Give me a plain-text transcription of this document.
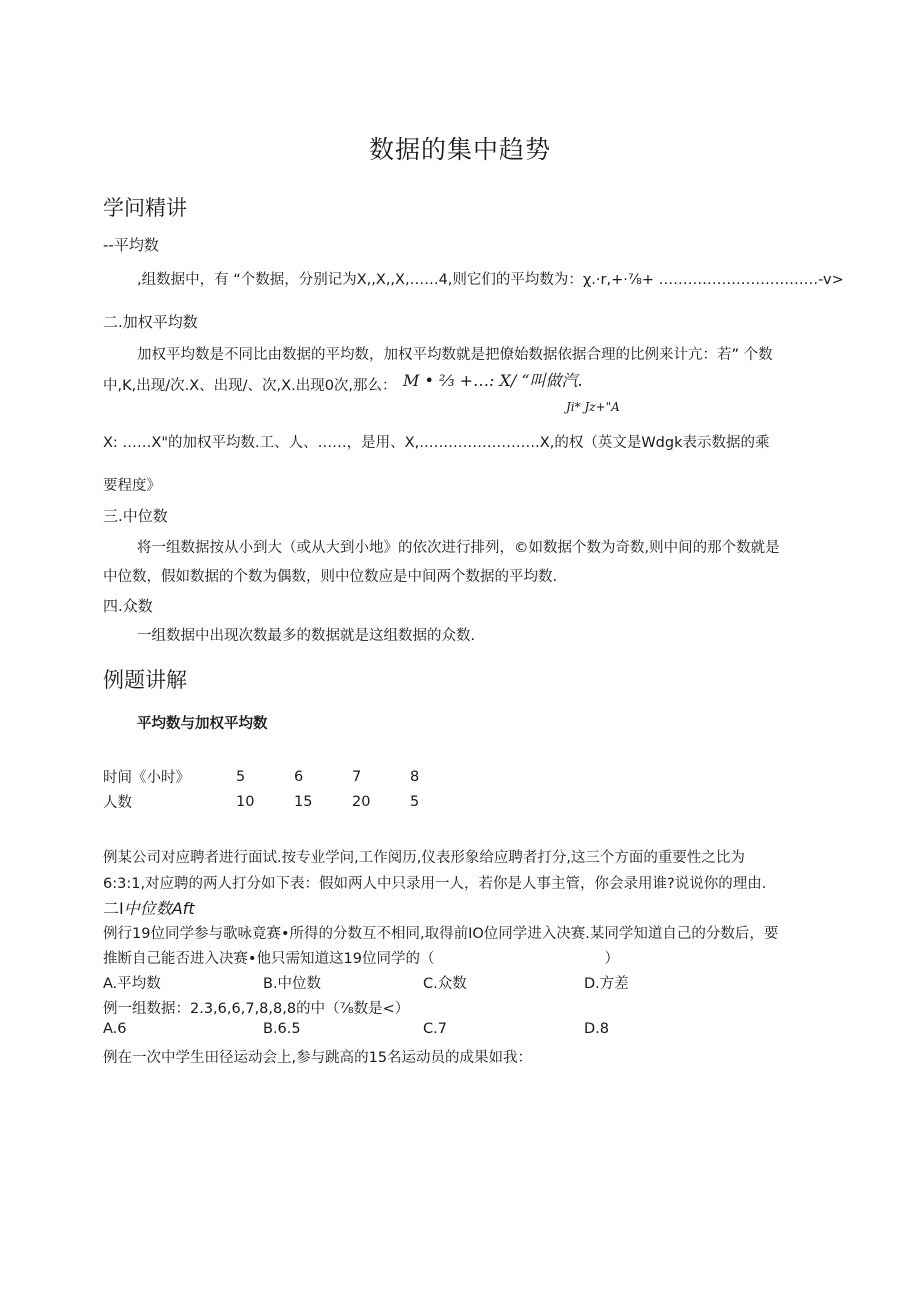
数据的集中趋势
学问精讲
--平均数
,组数据中，有 “个数据，分别记为X,,X,,X,……4,则它们的平均数为：χ.·r,+·⅞+ ……………………………-v>
二.加权平均数
加权平均数是不同比由数据的平均数，加权平均数就是把僚始数据依据合理的比例来计亢：若” 个数
中,K,出现/次.X、出现/、次,X.出现0次,那么： M • ⅔ +…: X/ “叫做汽.
Ji* Jz+"A
X: ……X"的加权平均数.工、人、……，是用、X,…………………….X,的权（英文是Wdgk表示数据的乘
要程度》
三.中位数
将一组数据按从小到大（或从大到小地》的依次进行排列，©如数据个数为奇数,则中间的那个数就是
中位数，假如数据的个数为偶数，则中位数应是中间两个数据的平均数.
四.众数
一组数据中出现次数最多的数据就是这组数据的众数.
例题讲解
平均数与加权平均数
时间《小时》	5	6	7	8
人数	10	15	20	5
例某公司对应聘者进行面试.按专业学问,工作阅历,仪表形象给应聘者打分,这三个方面的重要性之比为
6:3:1,对应聘的两人打分如下表：假如两人中只录用一人，若你是人事主管，你会录用谁?说说你的理由.
二I中位数Aft
例行19位同学参与歌咏竟赛•所得的分数互不相同,取得前IO位同学进入决赛.某同学知道自己的分数后，要
推断自己能否进入决赛•他只需知道这19位同学的（	）
A.平均数	B.中位数	C.众数	D.方差
例一组数据：2.3,6,6,7,8,8,8的中（⅞数是<）
A.6	B.6.5	C.7	D.8
例在一次中学生田径运动会上,参与跳高的15名运动员的成果如我：
